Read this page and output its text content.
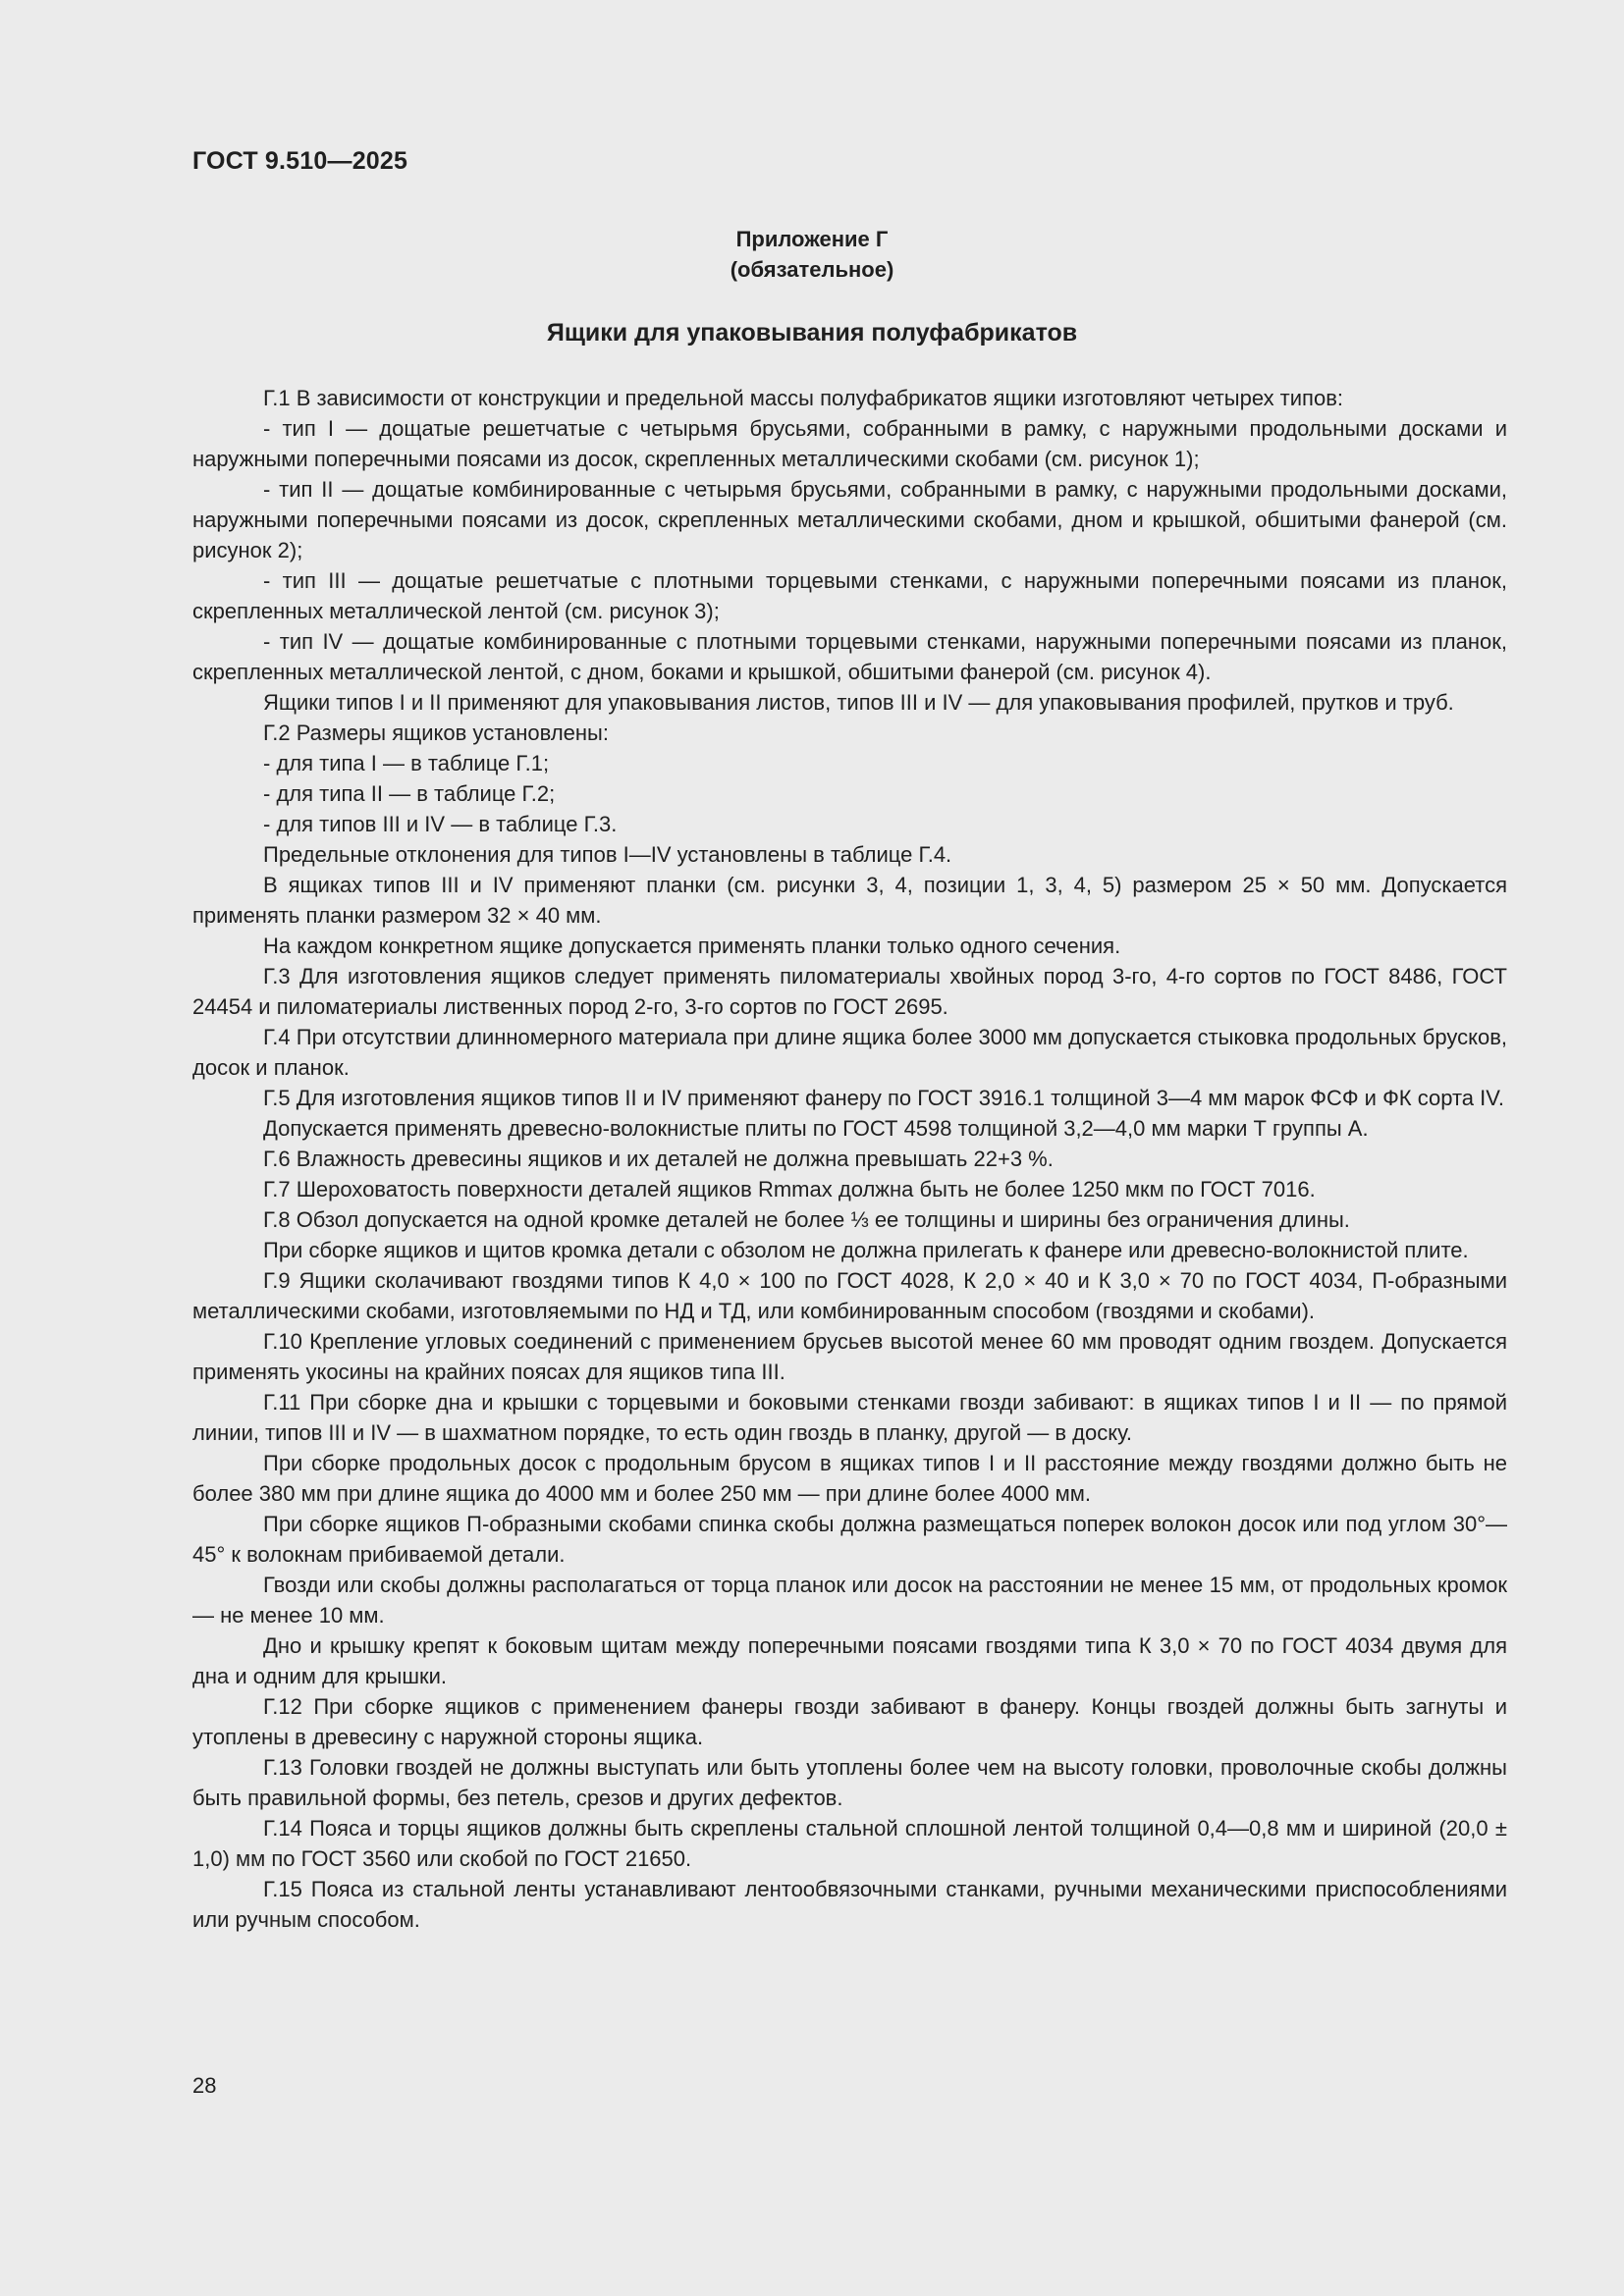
ГОСТ 9.510—2025
Приложение Г
(обязательное)
Ящики для упаковывания полуфабрикатов

Г.1 В зависимости от конструкции и предельной массы полуфабрикатов ящики изготовляют четырех типов:

- тип I — дощатые решетчатые с четырьмя брусьями, собранными в рамку, с наружными продольными досками и наружными поперечными поясами из досок, скрепленных металлическими скобами (см. рисунок 1);

- тип II — дощатые комбинированные с четырьмя брусьями, собранными в рамку, с наружными продольными досками, наружными поперечными поясами из досок, скрепленных металлическими скобами, дном и крышкой, обшитыми фанерой (см. рисунок 2);

- тип III — дощатые решетчатые с плотными торцевыми стенками, с наружными поперечными поясами из планок, скрепленных металлической лентой (см. рисунок 3);

- тип IV — дощатые комбинированные с плотными торцевыми стенками, наружными поперечными поясами из планок, скрепленных металлической лентой, с дном, боками и крышкой, обшитыми фанерой (см. рисунок 4).

Ящики типов I и II применяют для упаковывания листов, типов III и IV — для упаковывания профилей, прутков и труб.

Г.2 Размеры ящиков установлены:

- для типа I — в таблице Г.1;

- для типа II — в таблице Г.2;

- для типов III и IV — в таблице Г.3.

Предельные отклонения для типов I—IV установлены в таблице Г.4.

В ящиках типов III и IV применяют планки (см. рисунки 3, 4, позиции 1, 3, 4, 5) размером 25 × 50 мм. Допускается применять планки размером 32 × 40 мм.

На каждом конкретном ящике допускается применять планки только одного сечения.

Г.3 Для изготовления ящиков следует применять пиломатериалы хвойных пород 3-го, 4-го сортов по ГОСТ 8486, ГОСТ 24454 и пиломатериалы лиственных пород 2-го, 3-го сортов по ГОСТ 2695.

Г.4 При отсутствии длинномерного материала при длине ящика более 3000 мм допускается стыковка продольных брусков, досок и планок.

Г.5 Для изготовления ящиков типов II и IV применяют фанеру по ГОСТ 3916.1 толщиной 3—4 мм марок ФСФ и ФК сорта IV.

Допускается применять древесно-волокнистые плиты по ГОСТ 4598 толщиной 3,2—4,0 мм марки Т группы А.

Г.6 Влажность древесины ящиков и их деталей не должна превышать 22+3 %.

Г.7 Шероховатость поверхности деталей ящиков Rmmax должна быть не более 1250 мкм по ГОСТ 7016.

Г.8 Обзол допускается на одной кромке деталей не более ⅓ ее толщины и ширины без ограничения длины.

При сборке ящиков и щитов кромка детали с обзолом не должна прилегать к фанере или древесно-волокнистой плите.

Г.9 Ящики сколачивают гвоздями типов К 4,0 × 100 по ГОСТ 4028, К 2,0 × 40 и К 3,0 × 70 по ГОСТ 4034, П-образными металлическими скобами, изготовляемыми по НД и ТД, или комбинированным способом (гвоздями и скобами).

Г.10 Крепление угловых соединений с применением брусьев высотой менее 60 мм проводят одним гвоздем. Допускается применять укосины на крайних поясах для ящиков типа III.

Г.11 При сборке дна и крышки с торцевыми и боковыми стенками гвозди забивают: в ящиках типов I и II — по прямой линии, типов III и IV — в шахматном порядке, то есть один гвоздь в планку, другой — в доску.

При сборке продольных досок с продольным брусом в ящиках типов I и II расстояние между гвоздями должно быть не более 380 мм при длине ящика до 4000 мм и более 250 мм — при длине более 4000 мм.

При сборке ящиков П-образными скобами спинка скобы должна размещаться поперек волокон досок или под углом 30°—45° к волокнам прибиваемой детали.

Гвозди или скобы должны располагаться от торца планок или досок на расстоянии не менее 15 мм, от продольных кромок — не менее 10 мм.

Дно и крышку крепят к боковым щитам между поперечными поясами гвоздями типа К 3,0 × 70 по ГОСТ 4034 двумя для дна и одним для крышки.

Г.12 При сборке ящиков с применением фанеры гвозди забивают в фанеру. Концы гвоздей должны быть загнуты и утоплены в древесину с наружной стороны ящика.

Г.13 Головки гвоздей не должны выступать или быть утоплены более чем на высоту головки, проволочные скобы должны быть правильной формы, без петель, срезов и других дефектов.

Г.14 Пояса и торцы ящиков должны быть скреплены стальной сплошной лентой толщиной 0,4—0,8 мм и шириной (20,0 ± 1,0) мм по ГОСТ 3560 или скобой по ГОСТ 21650.

Г.15 Пояса из стальной ленты устанавливают лентообвязочными станками, ручными механическими приспособлениями или ручным способом.

28
